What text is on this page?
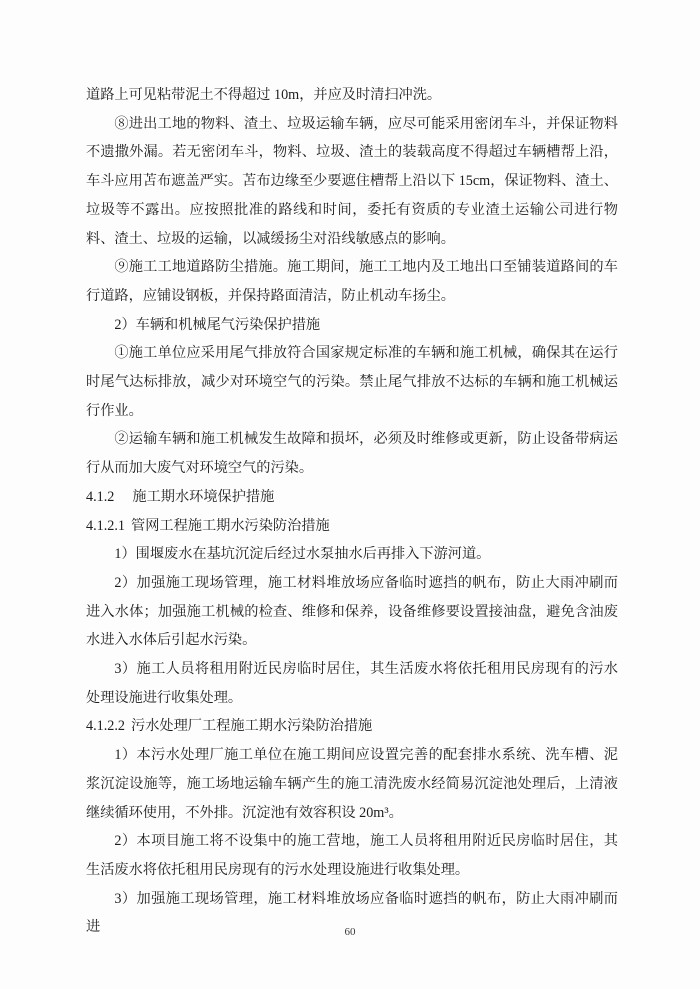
道路上可见粘带泥土不得超过 10m，并应及时清扫冲洗。

⑧进出工地的物料、渣土、垃圾运输车辆，应尽可能采用密闭车斗，并保证物料不遗撒外漏。若无密闭车斗，物料、垃圾、渣土的装载高度不得超过车辆槽帮上沿，车斗应用苫布遮盖严实。苫布边缘至少要遮住槽帮上沿以下 15cm，保证物料、渣土、垃圾等不露出。应按照批准的路线和时间，委托有资质的专业渣土运输公司进行物料、渣土、垃圾的运输，以减缓扬尘对沿线敏感点的影响。

⑨施工工地道路防尘措施。施工期间，施工工地内及工地出口至铺装道路间的车行道路，应铺设钢板，并保持路面清洁，防止机动车扬尘。

2）车辆和机械尾气污染保护措施

①施工单位应采用尾气排放符合国家规定标准的车辆和施工机械，确保其在运行时尾气达标排放，减少对环境空气的污染。禁止尾气排放不达标的车辆和施工机械运行作业。

②运输车辆和施工机械发生故障和损坏，必须及时维修或更新，防止设备带病运行从而加大废气对环境空气的污染。

4.1.2 施工期水环境保护措施
4.1.2.1 管网工程施工期水污染防治措施

1）围堰废水在基坑沉淀后经过水泵抽水后再排入下游河道。

2）加强施工现场管理，施工材料堆放场应备临时遮挡的帆布，防止大雨冲刷而进入水体；加强施工机械的检查、维修和保养，设备维修要设置接油盘，避免含油废水进入水体后引起水污染。

3）施工人员将租用附近民房临时居住，其生活废水将依托租用民房现有的污水处理设施进行收集处理。

4.1.2.2 污水处理厂工程施工期水污染防治措施

1）本污水处理厂施工单位在施工期间应设置完善的配套排水系统、洗车槽、泥浆沉淀设施等，施工场地运输车辆产生的施工清洗废水经简易沉淀池处理后，上清液继续循环使用，不外排。沉淀池有效容积设 20m³。

2）本项目施工将不设集中的施工营地，施工人员将租用附近民房临时居住，其生活废水将依托租用民房现有的污水处理设施进行收集处理。

3）加强施工现场管理，施工材料堆放场应备临时遮挡的帆布，防止大雨冲刷而进	60
